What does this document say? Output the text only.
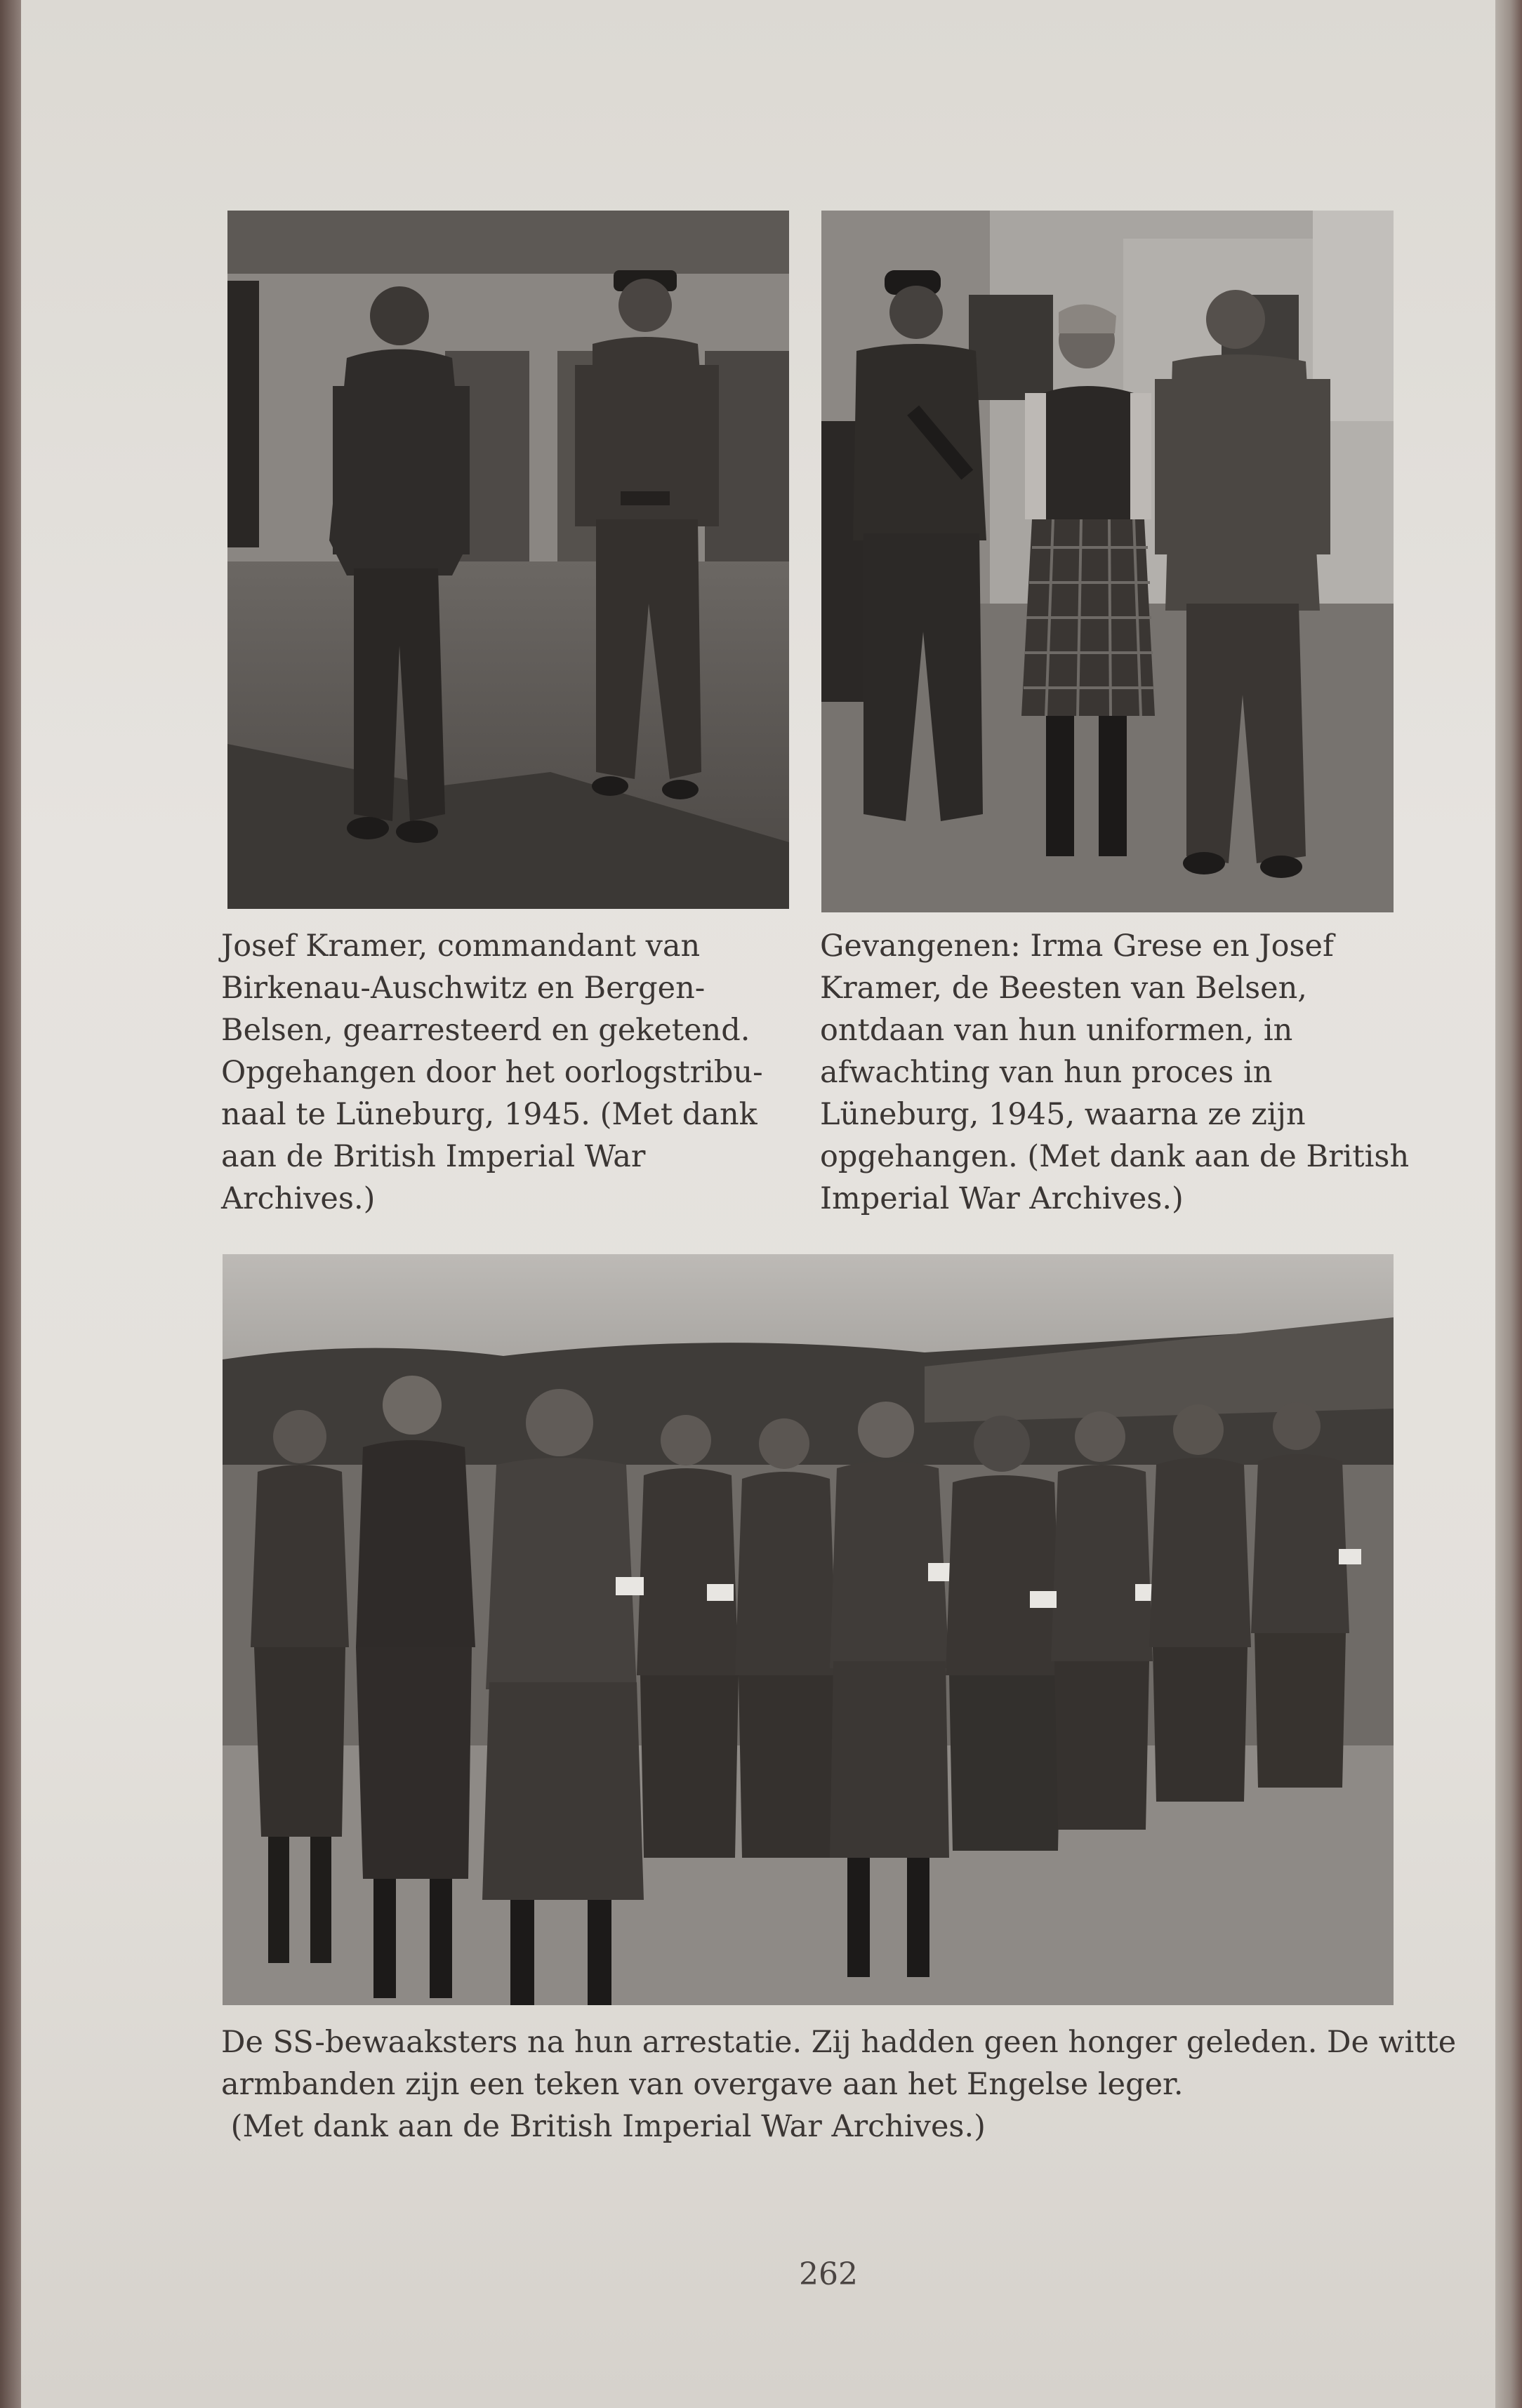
Josef Kramer, commandant van
Birkenau-Auschwitz en Bergen-
Belsen, gearresteerd en geketend.
Opgehangen door het oorlogstribu-
naal te Lüneburg, 1945. (Met dank
aan de British Imperial War
Archives.)
Gevangenen: Irma Grese en Josef
Kramer, de Beesten van Belsen,
ontdaan van hun uniformen, in
afwachting van hun proces in
Lüneburg, 1945, waarna ze zijn
opgehangen. (Met dank aan de British
Imperial War Archives.)
De SS-bewaaksters na hun arrestatie. Zij hadden geen honger geleden. De witte
armbanden zijn een teken van overgave aan het Engelse leger.
(Met dank aan de British Imperial War Archives.)
262
